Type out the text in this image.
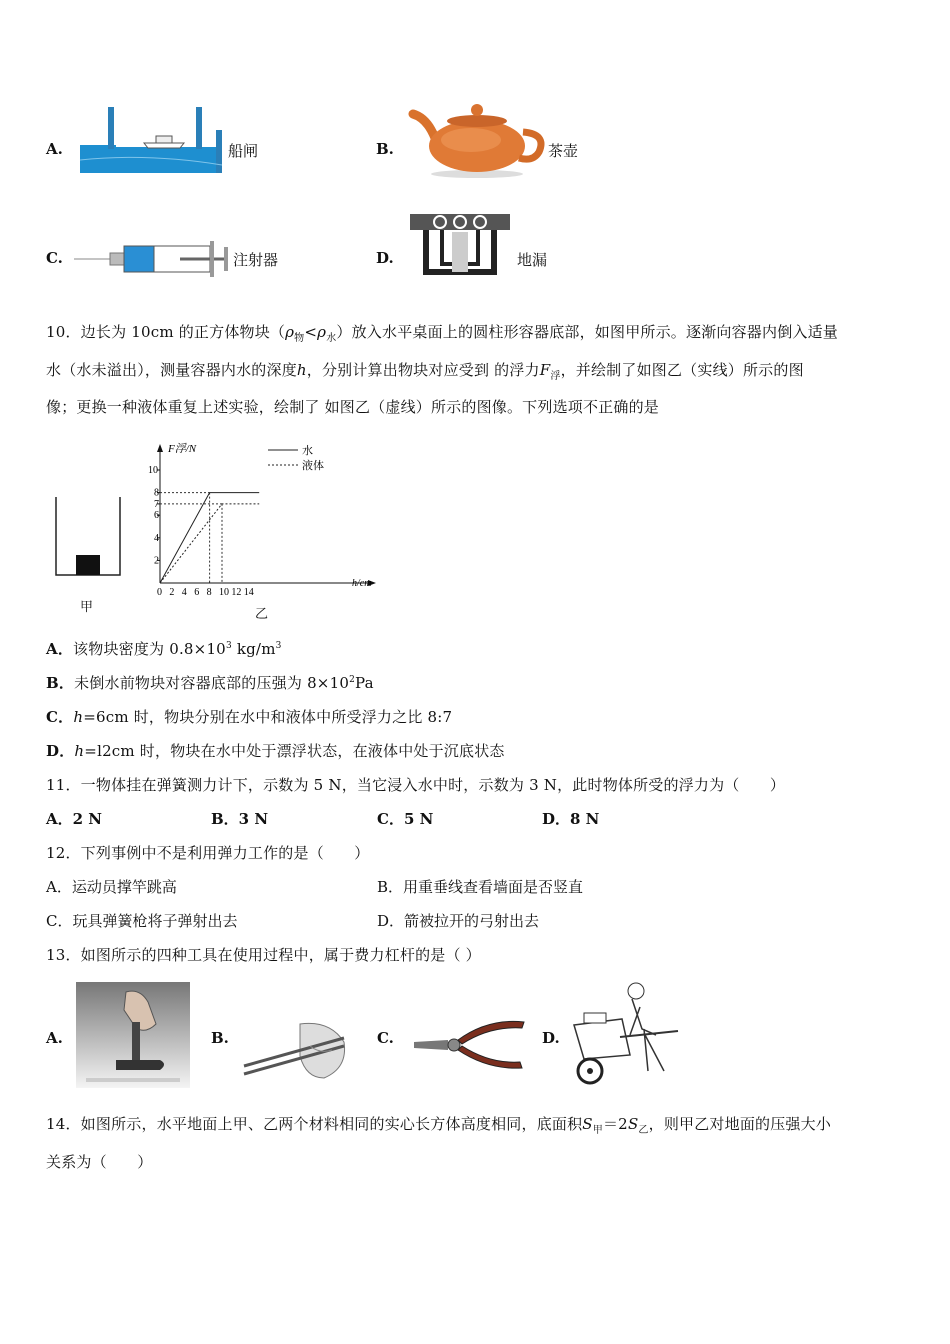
A.	船闸	B.	茶壶
C.	注射器	D.	地漏
10．边长为 10cm 的正方体物块$(\rho_物<\rho_水)$放入水平桌面上的圆柱形容器底部，如图甲所示。逐渐向容器内倒入适量
水（水未溢出），测量容器内水的深度h，分别计算出物块对应受到 的浮力$F_浮$，并绘制了如图乙（实线）所示的图
像；更换一种液体重复上述实验，绘制了 如图乙（虚线）所示的图像。下列选项不正确的是
甲
F浮/N
h/cm
水
液体
0 2 4 6 8 10 12 14
2
4
6
7
8
10
乙
A．该物块密度为 $0.8\times 10^3$ $kg/m^3$
B．未倒水前物块对容器底部的压强为 $8\times 10^2Pa$
C．h=6cm 时，物块分别在水中和液体中所受浮力之比 8:7
D．h=l2cm 时，物块在水中处于漂浮状态，在液体中处于沉底状态
11．一物体挂在弹簧测力计下，示数为 5 N，当它浸入水中时，示数为 3 N，此时物体所受的浮力为（　　）
A．2 N	B．3 N	C．5 N	D．8 N
12．下列事例中不是利用弹力工作的是（　　）
A．运动员撑竿跳高	B．用重垂线查看墙面是否竖直
C．玩具弹簧枪将子弹射出去	D．箭被拉开的弓射出去
13．如图所示的四种工具在使用过程中，属于费力杠杆的是（ ）
A.	B.	C.	D.
14．如图所示，水平地面上甲、乙两个材料相同的实心长方体高度相同，底面积$S_甲=2S_乙$，则甲乙对地面的压强大小
关系为（　　）
